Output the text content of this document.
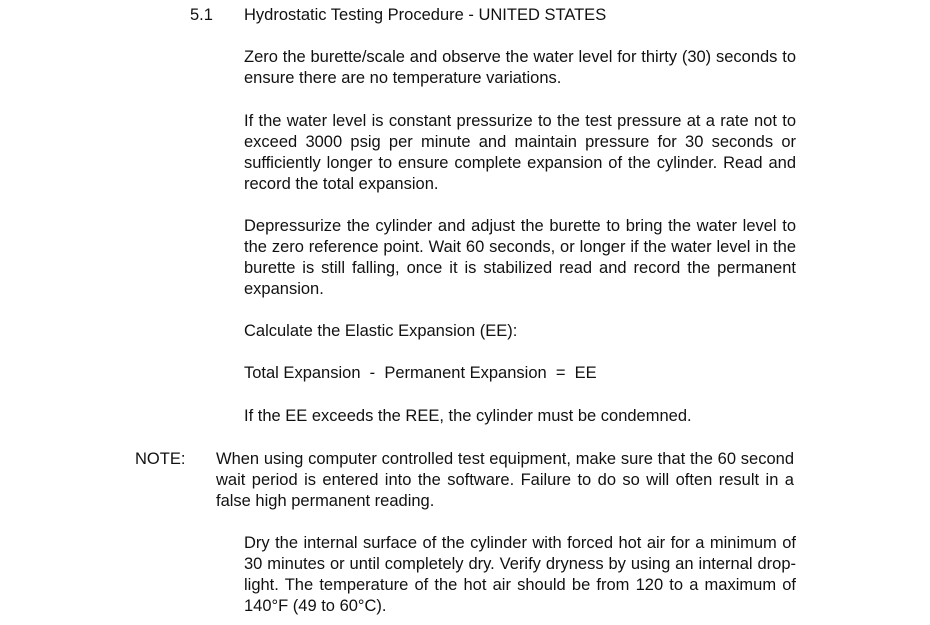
5.1 Hydrostatic Testing Procedure - UNITED STATES
Zero the burette/scale and observe the water level for thirty (30) seconds to ensure there are no temperature variations.
If the water level is constant pressurize to the test pressure at a rate not to exceed 3000 psig per minute and maintain pressure for 30 seconds or sufficiently longer to ensure complete expansion of the cylinder. Read and record the total expansion.
Depressurize the cylinder and adjust the burette to bring the water level to the zero reference point. Wait 60 seconds, or longer if the water level in the burette is still falling, once it is stabilized read and record the permanent expansion.
Calculate the Elastic Expansion (EE):
Total Expansion  -  Permanent Expansion  =  EE
If the EE exceeds the REE, the cylinder must be condemned.
NOTE: When using computer controlled test equipment, make sure that the 60 second wait period is entered into the software. Failure to do so will often result in a false high permanent reading.
Dry the internal surface of the cylinder with forced hot air for a minimum of 30 minutes or until completely dry. Verify dryness by using an internal drop-light. The temperature of the hot air should be from 120 to a maximum of 140°F (49 to 60°C).
